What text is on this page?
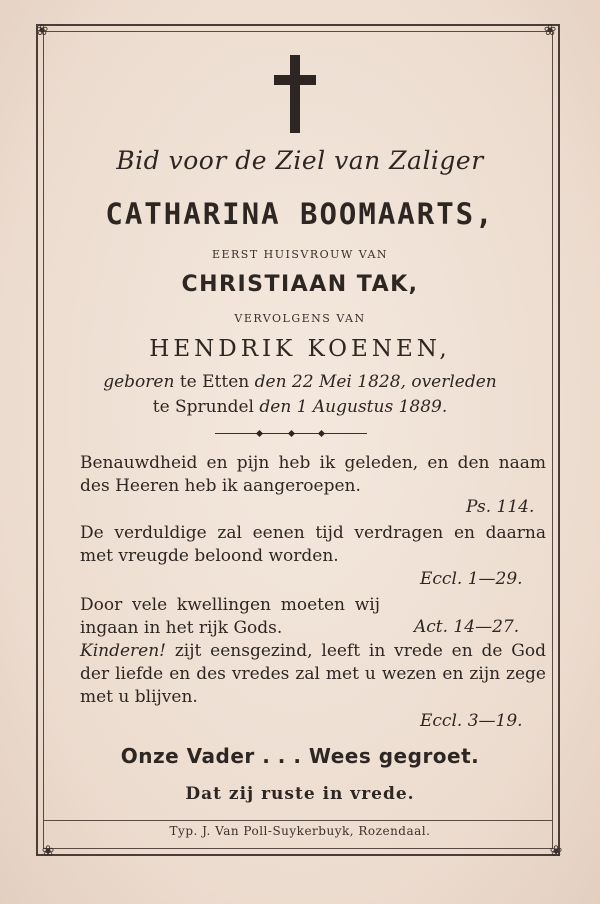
❀	❀
❀	❀
Bid voor de Ziel van Zaliger
CATHARINA BOOMAARTS,
EERST HUISVROUW VAN
CHRISTIAAN TAK,
VERVOLGENS VAN
HENDRIK KOENEN,
geboren te Etten den 22 Mei 1828, overleden
te Sprundel den 1 Augustus 1889.
Benauwdheid en pijn heb ik geleden, en den naam des Heeren heb ik aangeroepen.
Ps. 114.
De verduldige zal eenen tijd verdragen en daarna met vreugde beloond worden.
Eccl. 1—29.
Door vele kwellingen moeten wij ingaan in het rijk Gods.	Act. 14—27.
Kinderen! zijt eensgezind, leeft in vrede en de God der liefde en des vredes zal met u wezen en zijn zege met u blijven.
Eccl. 3—19.
Onze Vader . . . Wees gegroet.
Dat zij ruste in vrede.
Typ. J. Van Poll-Suykerbuyk, Rozendaal.
